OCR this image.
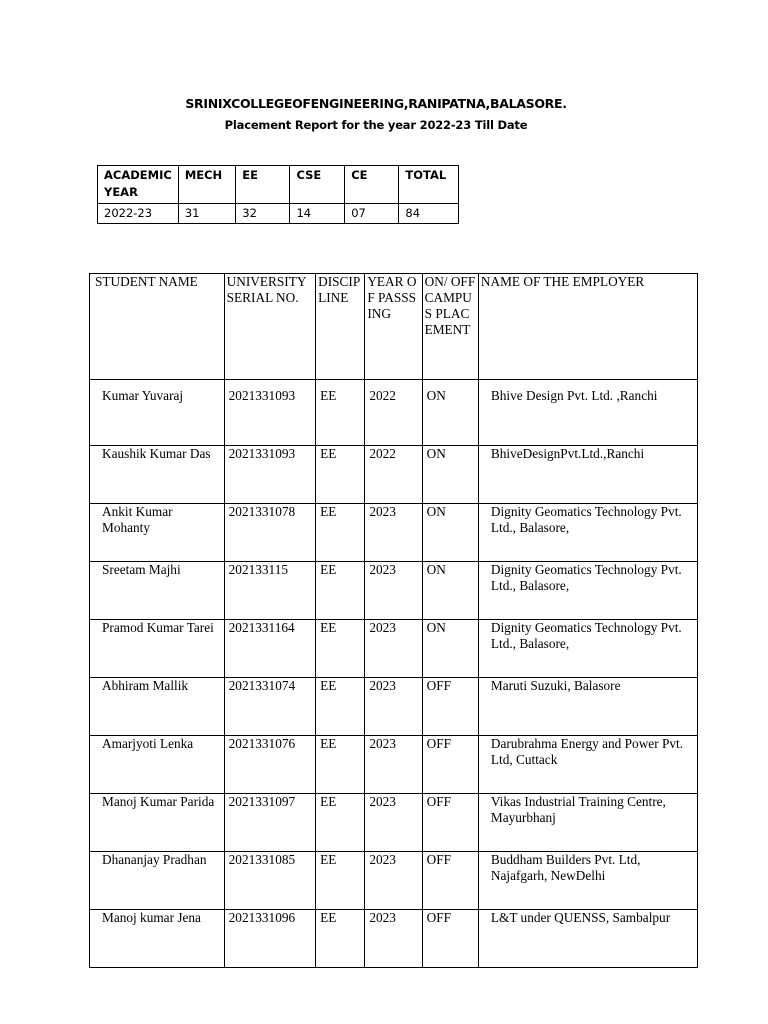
SRINIXCOLLEGEOFENGINEERING,RANIPATNA,BALASORE.
Placement Report for the year 2022-23 Till Date
ACADEMIC YEAR	MECH	EE	CSE	CE	TOTAL
2022-23	31	32	14	07	84
STUDENT NAME	UNIVERSITY SERIAL NO.	DISCIPLINE	YEAR OF PASSSING	ON/ OFF CAMPUS PLACEMENT	NAME OF THE EMPLOYER
Kumar Yuvaraj	2021331093	EE	2022	ON	Bhive Design Pvt. Ltd. ,Ranchi
Kaushik Kumar Das	2021331093	EE	2022	ON	BhiveDesignPvt.Ltd.,Ranchi
Ankit Kumar Mohanty	2021331078	EE	2023	ON	Dignity Geomatics Technology Pvt. Ltd., Balasore,
Sreetam Majhi	202133115	EE	2023	ON	Dignity Geomatics Technology Pvt. Ltd., Balasore,
Pramod Kumar Tarei	2021331164	EE	2023	ON	Dignity Geomatics Technology Pvt. Ltd., Balasore,
Abhiram Mallik	2021331074	EE	2023	OFF	Maruti Suzuki, Balasore
Amarjyoti Lenka	2021331076	EE	2023	OFF	Darubrahma Energy and Power Pvt. Ltd, Cuttack
Manoj Kumar Parida	2021331097	EE	2023	OFF	Vikas Industrial Training Centre, Mayurbhanj
Dhananjay Pradhan	2021331085	EE	2023	OFF	Buddham Builders Pvt. Ltd, Najafgarh, NewDelhi
Manoj kumar Jena	2021331096	EE	2023	OFF	L&T under QUENSS, Sambalpur
